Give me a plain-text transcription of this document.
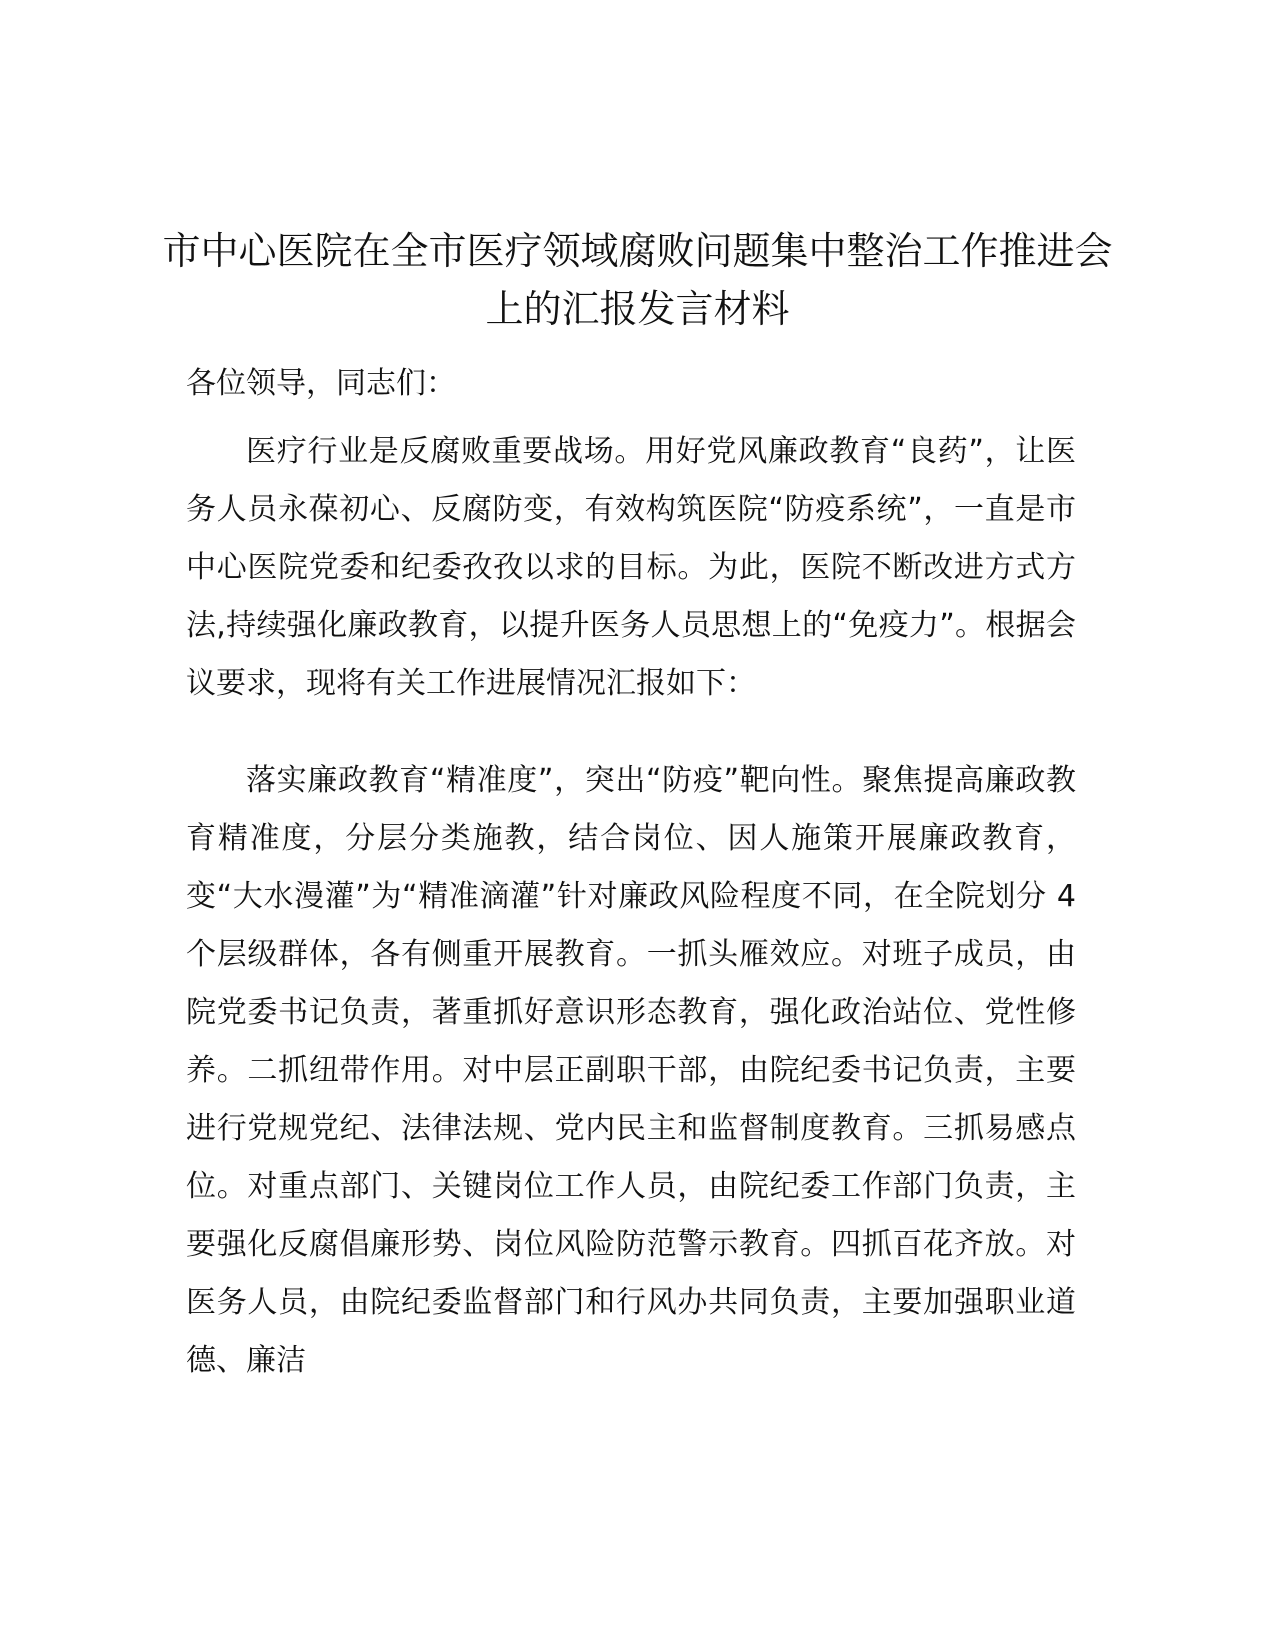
市中心医院在全市医疗领域腐败问题集中整治工作推进会上的汇报发言材料

各位领导，同志们：

医疗行业是反腐败重要战场。用好党风廉政教育“良药”，让医务人员永葆初心、反腐防变，有效构筑医院“防疫系统”，一直是市中心医院党委和纪委孜孜以求的目标。为此，医院不断改进方式方法,持续强化廉政教育，以提升医务人员思想上的“免疫力”。根据会议要求，现将有关工作进展情况汇报如下：

落实廉政教育“精准度”，突出“防疫”靶向性。聚焦提高廉政教育精准度，分层分类施教，结合岗位、因人施策开展廉政教育，变“大水漫灌”为“精准滴灌”针对廉政风险程度不同，在全院划分 4 个层级群体，各有侧重开展教育。一抓头雁效应。对班子成员，由院党委书记负责，著重抓好意识形态教育，强化政治站位、党性修养。二抓纽带作用。对中层正副职干部，由院纪委书记负责，主要进行党规党纪、法律法规、党内民主和监督制度教育。三抓易感点位。对重点部门、关键岗位工作人员，由院纪委工作部门负责，主要强化反腐倡廉形势、岗位风险防范警示教育。四抓百花齐放。对医务人员，由院纪委监督部门和行风办共同负责，主要加强职业道德、廉洁
